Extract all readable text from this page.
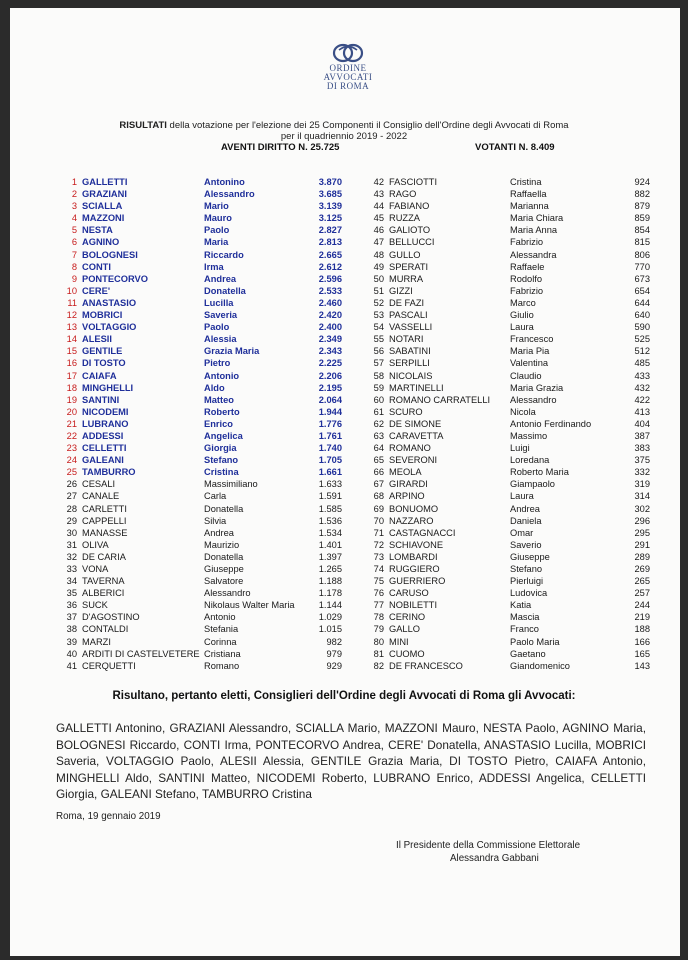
ORDINE
AVVOCATI
DI ROMA
RISULTATI della votazione per l'elezione dei 25 Componenti il Consiglio dell'Ordine degli Avvocati di Roma
per il quadriennio 2019 - 2022
AVENTI DIRITTO N. 25.725	VOTANTI N. 8.409
1 GALLETTI	Antonino	3.870
2 GRAZIANI	Alessandro	3.685
3 SCIALLA	Mario	3.139
4 MAZZONI	Mauro	3.125
5 NESTA	Paolo	2.827
6 AGNINO	Maria	2.813
7 BOLOGNESI	Riccardo	2.665
8 CONTI	Irma	2.612
9 PONTECORVO	Andrea	2.596
10 CERE'	Donatella	2.533
11 ANASTASIO	Lucilla	2.460
12 MOBRICI	Saveria	2.420
13 VOLTAGGIO	Paolo	2.400
14 ALESII	Alessia	2.349
15 GENTILE	Grazia Maria	2.343
16 DI TOSTO	Pietro	2.225
17 CAIAFA	Antonio	2.206
18 MINGHELLI	Aldo	2.195
19 SANTINI	Matteo	2.064
20 NICODEMI	Roberto	1.944
21 LUBRANO	Enrico	1.776
22 ADDESSI	Angelica	1.761
23 CELLETTI	Giorgia	1.740
24 GALEANI	Stefano	1.705
25 TAMBURRO	Cristina	1.661
26 CESALI	Massimiliano	1.633
27 CANALE	Carla	1.591
28 CARLETTI	Donatella	1.585
29 CAPPELLI	Silvia	1.536
30 MANASSE	Andrea	1.534
31 OLIVA	Maurizio	1.401
32 DE CARIA	Donatella	1.397
33 VONA	Giuseppe	1.265
34 TAVERNA	Salvatore	1.188
35 ALBERICI	Alessandro	1.178
36 SUCK	Nikolaus Walter Maria	1.144
37 D'AGOSTINO	Antonio	1.029
38 CONTALDI	Stefania	1.015
39 MARZI	Corinna	982
40 ARDITI DI CASTELVETERE Cristiana	979
41 CERQUETTI	Romano	929
42 FASCIOTTI	Cristina	924
43 RAGO	Raffaella	882
44 FABIANO	Marianna	879
45 RUZZA	Maria Chiara	859
46 GALIOTO	Maria Anna	854
47 BELLUCCI	Fabrizio	815
48 GULLO	Alessandra	806
49 SPERATI	Raffaele	770
50 MURRA	Rodolfo	673
51 GIZZI	Fabrizio	654
52 DE FAZI	Marco	644
53 PASCALI	Giulio	640
54 VASSELLI	Laura	590
55 NOTARI	Francesco	525
56 SABATINI	Maria Pia	512
57 SERPILLI	Valentina	485
58 NICOLAIS	Claudio	433
59 MARTINELLI	Maria Grazia	432
60 ROMANO CARRATELLI Alessandro	422
61 SCURO	Nicola	413
62 DE SIMONE	Antonio Ferdinando	404
63 CARAVETTA	Massimo	387
64 ROMANO	Luigi	383
65 SEVERONI	Loredana	375
66 MEOLA	Roberto Maria	332
67 GIRARDI	Giampaolo	319
68 ARPINO	Laura	314
69 BONUOMO	Andrea	302
70 NAZZARO	Daniela	296
71 CASTAGNACCI	Omar	295
72 SCHIAVONE	Saverio	291
73 LOMBARDI	Giuseppe	289
74 RUGGIERO	Stefano	269
75 GUERRIERO	Pierluigi	265
76 CARUSO	Ludovica	257
77 NOBILETTI	Katia	244
78 CERINO	Mascia	219
79 GALLO	Franco	188
80 MINI	Paolo Maria	166
81 CUOMO	Gaetano	165
82 DE FRANCESCO	Giandomenico	143
Risultano, pertanto eletti, Consiglieri dell'Ordine degli Avvocati di Roma gli Avvocati:
GALLETTI Antonino, GRAZIANI Alessandro, SCIALLA Mario, MAZZONI Mauro, NESTA Paolo, AGNINO Maria, BOLOGNESI Riccardo, CONTI Irma, PONTECORVO Andrea, CERE' Donatella, ANASTASIO Lucilla, MOBRICI Saveria, VOLTAGGIO Paolo, ALESII Alessia, GENTILE Grazia Maria, DI TOSTO Pietro, CAIAFA Antonio, MINGHELLI Aldo, SANTINI Matteo, NICODEMI Roberto, LUBRANO Enrico, ADDESSI Angelica, CELLETTI Giorgia, GALEANI Stefano, TAMBURRO Cristina
Roma, 19 gennaio 2019
Il Presidente della Commissione Elettorale
Alessandra Gabbani
